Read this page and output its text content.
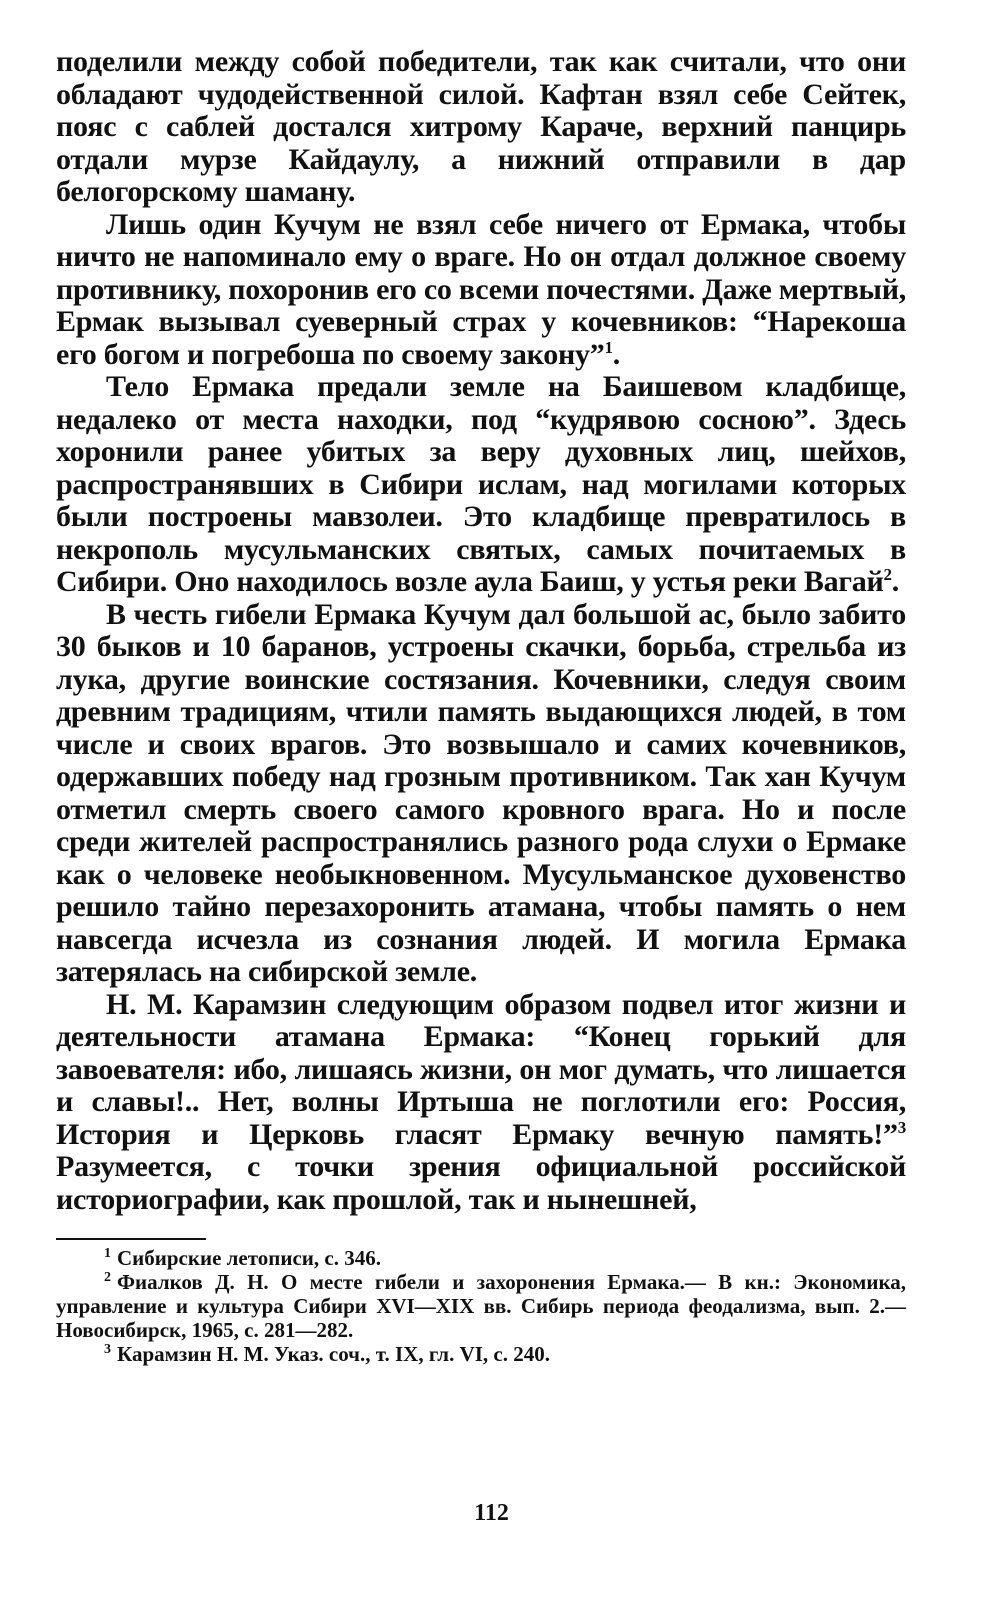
поделили между собой победители, так как считали, что они обладают чудодейственной силой. Кафтан взял себе Сейтек, пояс с саблей достался хитрому Караче, верхний панцирь отдали мурзе Кайдаулу, а нижний отправили в дар белогорскому шаману.

Лишь один Кучум не взял себе ничего от Ермака, чтобы ничто не напоминало ему о враге. Но он отдал должное своему противнику, похоронив его со всеми почестями. Даже мертвый, Ермак вызывал суеверный страх у кочевников: “Нарекоша его богом и погребоша по своему закону”$^1$.

Тело Ермака предали земле на Баишевом кладбище, недалеко от места находки, под “кудрявою сосною”. Здесь хоронили ранее убитых за веру духовных лиц, шейхов, распространявших в Сибири ислам, над могилами которых были построены мавзолеи. Это кладбище превратилось в некрополь мусульманских святых, самых почитаемых в Сибири. Оно находилось возле аула Баиш, у устья реки Вагай$^2$.

В честь гибели Ермака Кучум дал большой ас, было забито 30 быков и 10 баранов, устроены скачки, борьба, стрельба из лука, другие воинские состязания. Кочевники, следуя своим древним традициям, чтили память выдающихся людей, в том числе и своих врагов. Это возвышало и самих кочевников, одержавших победу над грозным противником. Так хан Кучум отметил смерть своего самого кровного врага. Но и после среди жителей распространялись разного рода слухи о Ермаке как о человеке необыкновенном. Мусульманское духовенство решило тайно перезахоронить атамана, чтобы память о нем навсегда исчезла из сознания людей. И могила Ермака затерялась на сибирской земле.

Н. М. Карамзин следующим образом подвел итог жизни и деятельности атамана Ермака: “Конец горький для завоевателя: ибо, лишаясь жизни, он мог думать, что лишается и славы!.. Нет, волны Иртыша не поглотили его: Россия, История и Церковь гласят Ермаку вечную память!”$^3$ Разумеется, с точки зрения официальной российской историографии, как прошлой, так и нынешней,

$^1$ Сибирские летописи, с. 346.

$^2$ Фиалков Д. Н. О месте гибели и захоронения Ермака.— В кн.: Экономика, управление и культура Сибири XVI—XIX вв. Сибирь периода феодализма, вып. 2.— Новосибирск, 1965, с. 281—282.

$^3$ Карамзин Н. М. Указ. соч., т. IX, гл. VI, с. 240.

112
